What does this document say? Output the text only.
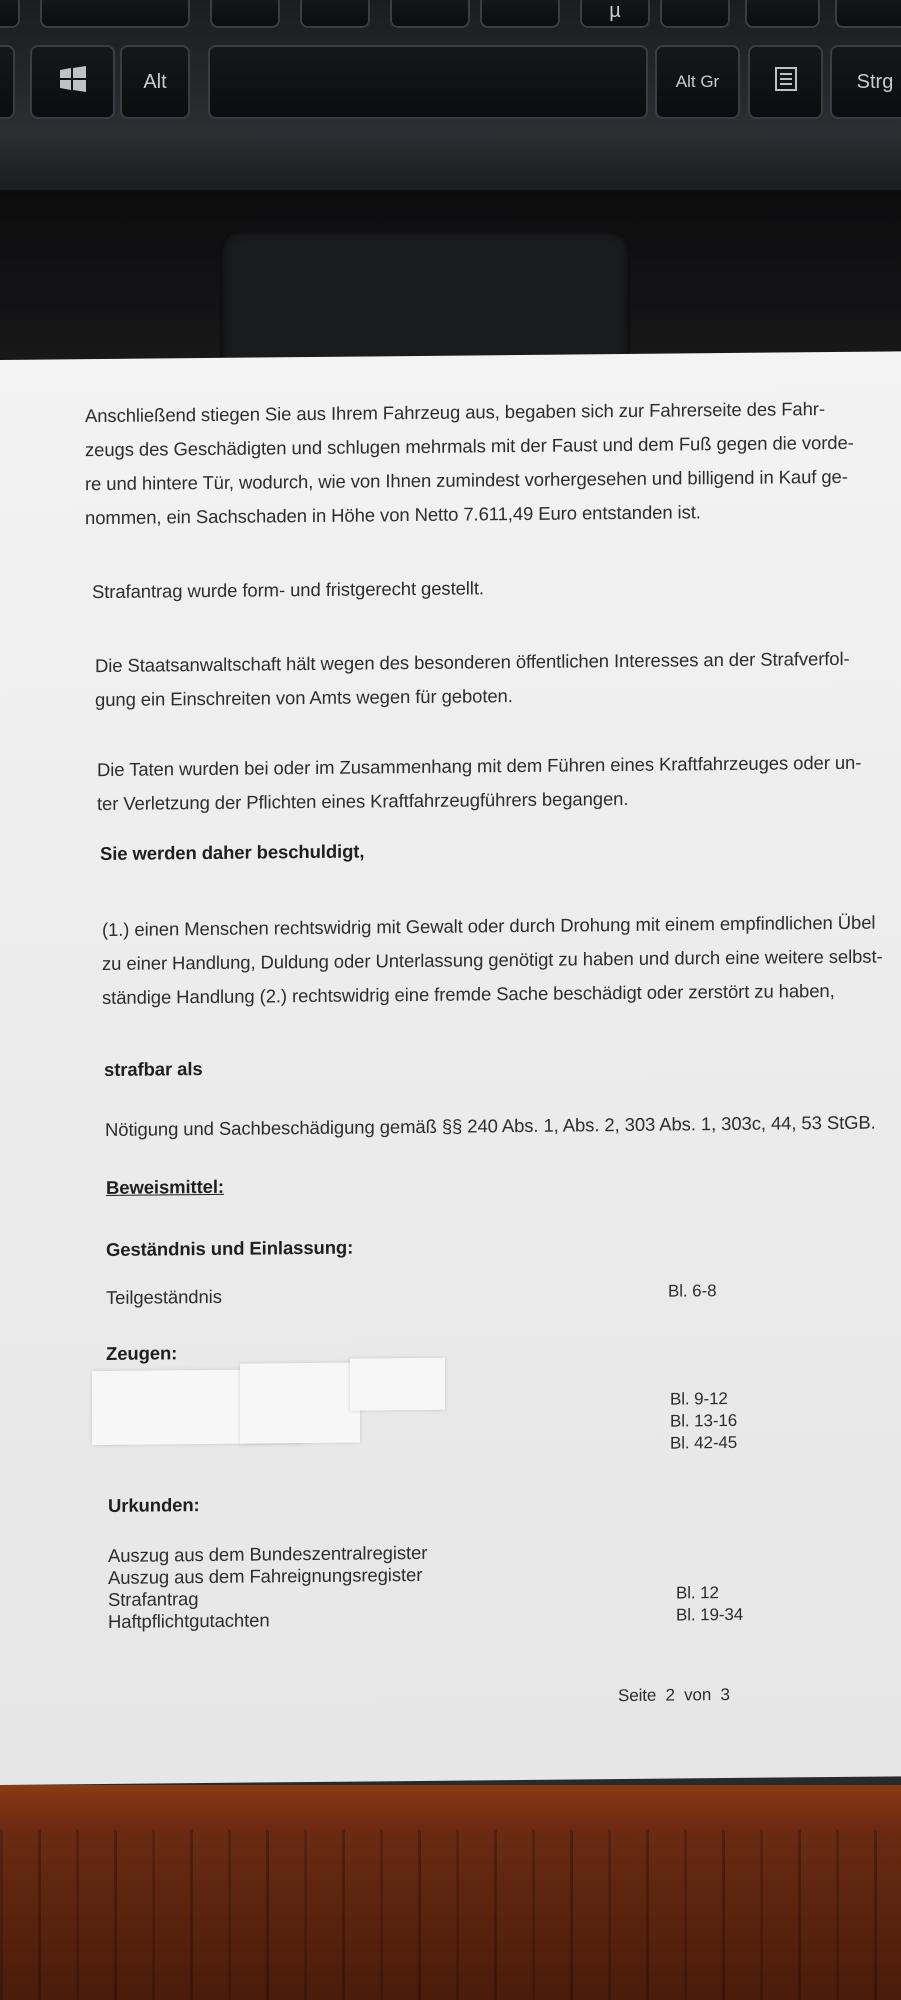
µ
Alt	Alt Gr	Strg
Anschließend stiegen Sie aus Ihrem Fahrzeug aus, begaben sich zur Fahrerseite des Fahr-
zeugs des Geschädigten und schlugen mehrmals mit der Faust und dem Fuß gegen die vorde-
re und hintere Tür, wodurch, wie von Ihnen zumindest vorhergesehen und billigend in Kauf ge-
nommen, ein Sachschaden in Höhe von Netto 7.611,49 Euro entstanden ist.
Strafantrag wurde form- und fristgerecht gestellt.
Die Staatsanwaltschaft hält wegen des besonderen öffentlichen Interesses an der Strafverfol-
gung ein Einschreiten von Amts wegen für geboten.
Die Taten wurden bei oder im Zusammenhang mit dem Führen eines Kraftfahrzeuges oder un-
ter Verletzung der Pflichten eines Kraftfahrzeugführers begangen.
Sie werden daher beschuldigt,
(1.) einen Menschen rechtswidrig mit Gewalt oder durch Drohung mit einem empfindlichen Übel
zu einer Handlung, Duldung oder Unterlassung genötigt zu haben und durch eine weitere selbst-
ständige Handlung (2.) rechtswidrig eine fremde Sache beschädigt oder zerstört zu haben,
strafbar als
Nötigung und Sachbeschädigung gemäß §§ 240 Abs. 1, Abs. 2, 303 Abs. 1, 303c, 44, 53 StGB.
Beweismittel:
Geständnis und Einlassung:
Teilgeständnis	Bl. 6-8
Zeugen:
Bl. 9-12
Bl. 13-16
Bl. 42-45
Urkunden:
Auszug aus dem Bundeszentralregister
Auszug aus dem Fahreignungsregister
Strafantrag	Bl. 12
Haftpflichtgutachten	Bl. 19-34
Seite  2  von  3
